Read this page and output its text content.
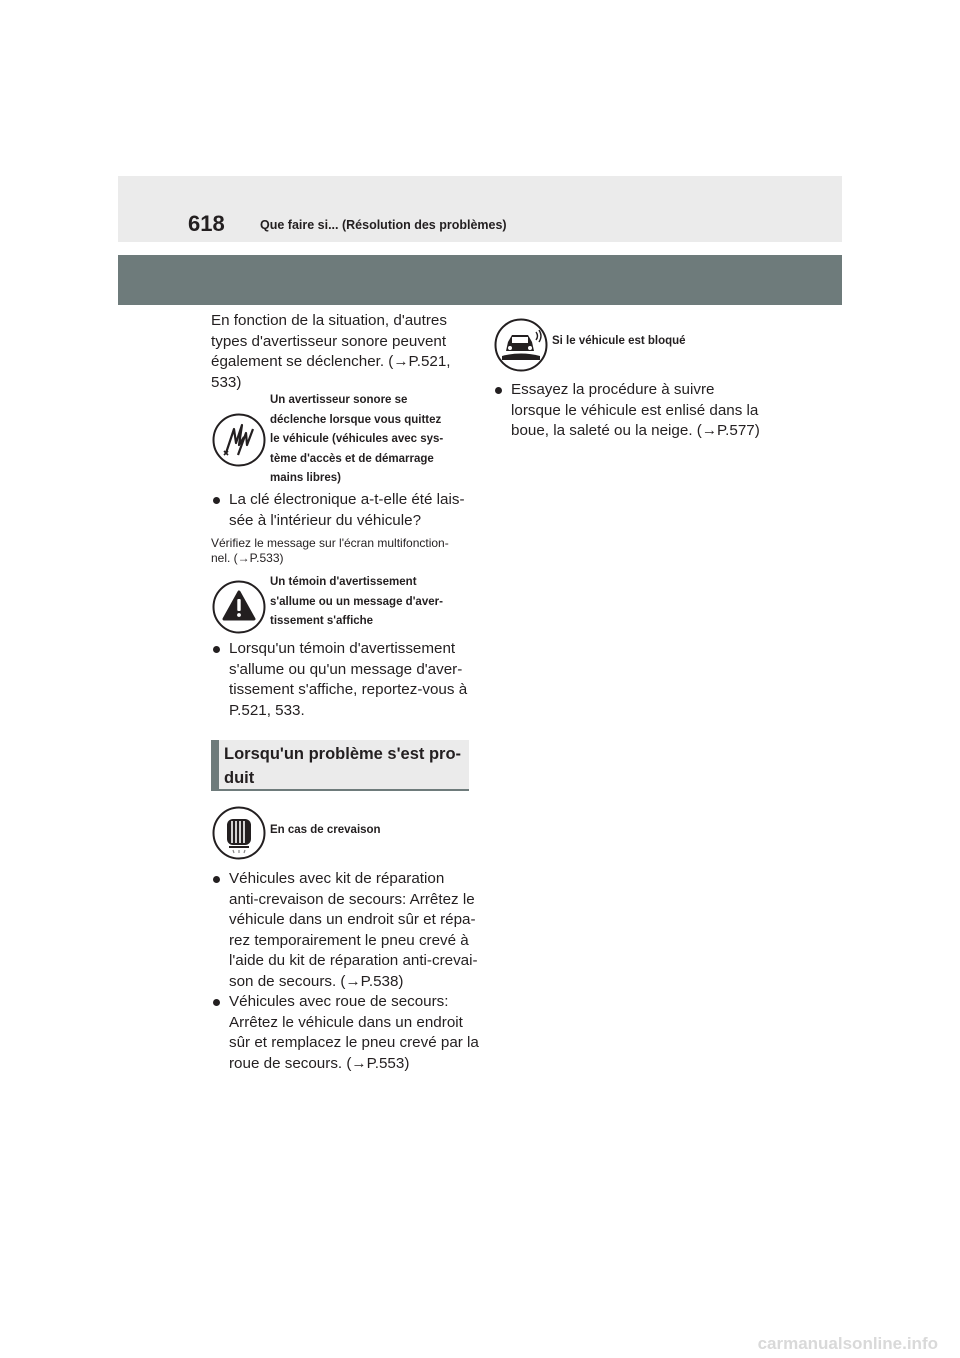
618	Que faire si... (Résolution des problèmes)
En fonction de la situation, d'autres
types d'avertisseur sonore peuvent
également se déclencher. (→P.521,
533)
Un avertisseur sonore se
déclenche lorsque vous quittez
le véhicule (véhicules avec sys-
tème d'accès et de démarrage
mains libres)
La clé électronique a-t-elle été lais-
sée à l'intérieur du véhicule?
Vérifiez le message sur l'écran multifonction-
nel. (→P.533)
Un témoin d'avertissement
s'allume ou un message d'aver-
tissement s'affiche
Lorsqu'un témoin d'avertissement
s'allume ou qu'un message d'aver-
tissement s'affiche, reportez-vous à
P.521, 533.
Lorsqu'un problème s'est pro-
duit
En cas de crevaison
Véhicules avec kit de réparation
anti-crevaison de secours: Arrêtez le
véhicule dans un endroit sûr et répa-
rez temporairement le pneu crevé à
l'aide du kit de réparation anti-crevai-
son de secours. (→P.538)
Véhicules avec roue de secours:
Arrêtez le véhicule dans un endroit
sûr et remplacez le pneu crevé par la
roue de secours. (→P.553)
Si le véhicule est bloqué
Essayez la procédure à suivre
lorsque le véhicule est enlisé dans la
boue, la saleté ou la neige. (→P.577)
carmanualsonline.info
